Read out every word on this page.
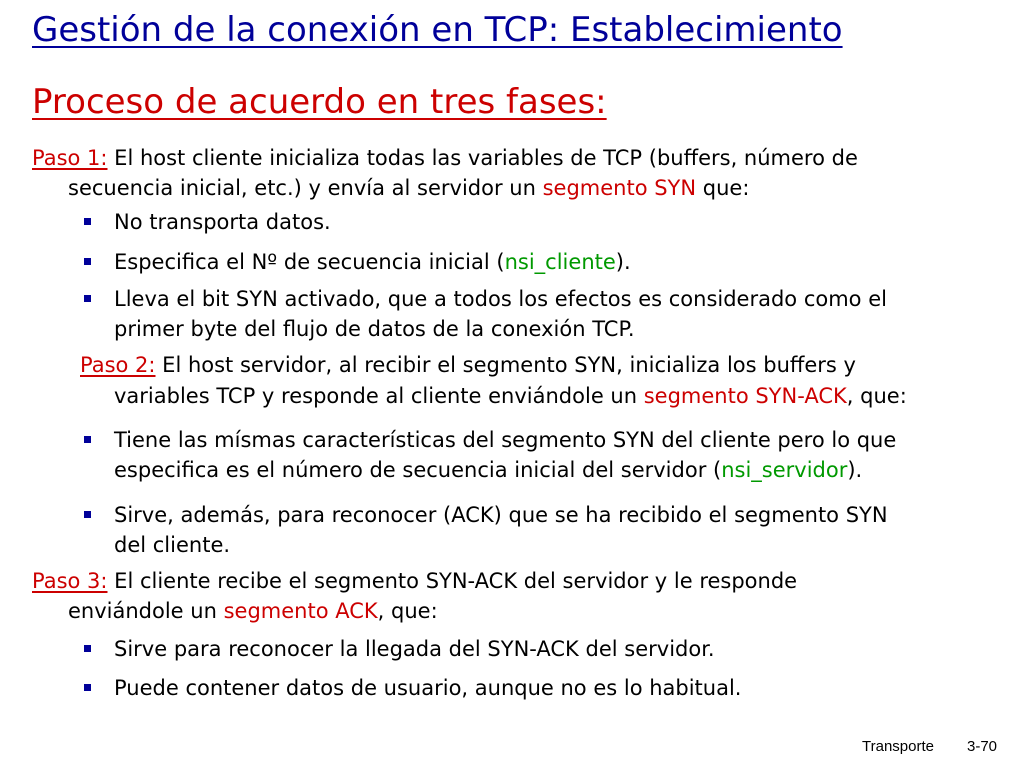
Gestión de la conexión en TCP: Establecimiento
Proceso de acuerdo en tres fases:
Paso 1: El host cliente inicializa todas las variables de TCP (buffers, número de
secuencia inicial, etc.) y envía al servidor un segmento SYN que:
No transporta datos.
Especifica el Nº de secuencia inicial (nsi_cliente).
Lleva el bit SYN activado, que a todos los efectos es considerado como el
primer byte del flujo de datos de la conexión TCP.
Paso 2: El host servidor, al recibir el segmento SYN, inicializa los buffers y
variables TCP y responde al cliente enviándole un segmento SYN-ACK, que:
Tiene las mísmas características del segmento SYN del cliente pero lo que
especifica es el número de secuencia inicial del servidor (nsi_servidor).
Sirve, además, para reconocer (ACK) que se ha recibido el segmento SYN
del cliente.
Paso 3: El cliente recibe el segmento SYN-ACK del servidor y le responde
enviándole un segmento ACK, que:
Sirve para reconocer la llegada del SYN-ACK del servidor.
Puede contener datos de usuario, aunque no es lo habitual.
Transporte 3-70
